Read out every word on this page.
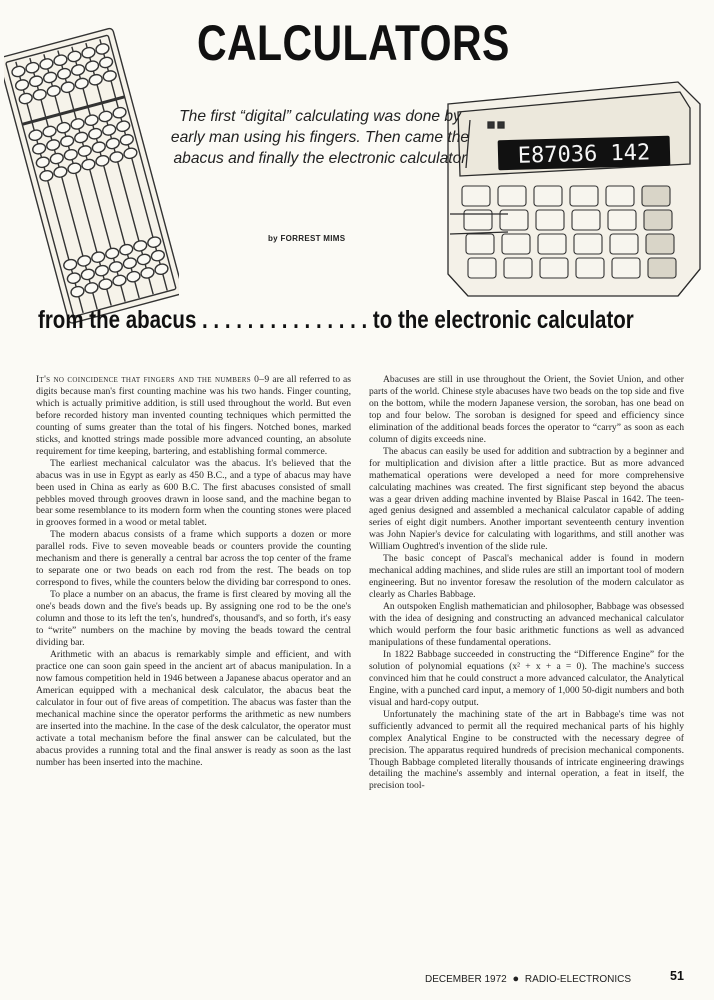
E87036 142
CALCULATORS
The first “digital” calculating was done by early man using his fingers. Then came the abacus and finally the electronic calculator
by FORREST MIMS
from the abacus . . . . . . . . . . . . . . . to the electronic calculator

It's no coincidence that fingers and the numbers 0–9 are all referred to as digits because man's first counting machine was his two hands. Finger counting, which is actually primitive addition, is still used throughout the world. But even before recorded history man invented counting techniques which permitted the counting of sums greater than the total of his fingers. Notched bones, marked sticks, and knotted strings made possible more advanced counting, an absolute requirement for time keeping, bartering, and establishing formal commerce.

The earliest mechanical calculator was the abacus. It's believed that the abacus was in use in Egypt as early as 450 B.C., and a type of abacus may have been used in China as early as 600 B.C. The first abacuses consisted of small pebbles moved through grooves drawn in loose sand, and the machine began to bear some resemblance to its modern form when the counting stones were placed in grooves formed in a wood or metal tablet.

The modern abacus consists of a frame which supports a dozen or more parallel rods. Five to seven moveable beads or counters provide the counting mechanism and there is generally a central bar across the top center of the frame to separate one or two beads on each rod from the rest. The beads on top correspond to fives, while the counters below the dividing bar correspond to ones.

To place a number on an abacus, the frame is first cleared by moving all the one's beads down and the five's beads up. By assigning one rod to be the one's column and those to its left the ten's, hundred's, thousand's, and so forth, it's easy to “write” numbers on the machine by moving the beads toward the central dividing bar.

Arithmetic with an abacus is remarkably simple and efficient, and with practice one can soon gain speed in the ancient art of abacus manipulation. In a now famous competition held in 1946 between a Japanese abacus operator and an American equipped with a mechanical desk calculator, the abacus beat the calculator in four out of five areas of competition. The abacus was faster than the mechanical machine since the operator performs the arithmetic as new numbers are inserted into the machine. In the case of the desk calculator, the operator must activate a total mechanism before the final answer can be calculated, but the abacus provides a running total and the final answer is ready as soon as the last number has been inserted into the machine.

Abacuses are still in use throughout the Orient, the Soviet Union, and other parts of the world. Chinese style abacuses have two beads on the top side and five on the bottom, while the modern Japanese version, the soroban, has one bead on top and four below. The soroban is designed for speed and efficiency since elimination of the additional beads forces the operator to “carry” as soon as each column of digits exceeds nine.

The abacus can easily be used for addition and subtraction by a beginner and for multiplication and division after a little practice. But as more advanced mathematical operations were developed a need for more comprehensive calculating machines was created. The first significant step beyond the abacus was a gear driven adding machine invented by Blaise Pascal in 1642. The teen-aged genius designed and assembled a mechanical calculator capable of adding series of eight digit numbers. Another important seventeenth century invention was John Napier's device for calculating with logarithms, and still another was William Oughtred's invention of the slide rule.

The basic concept of Pascal's mechanical adder is found in modern mechanical adding machines, and slide rules are still an important tool of modern engineering. But no inventor foresaw the resolution of the modern calculator as clearly as Charles Babbage.

An outspoken English mathematician and philosopher, Babbage was obsessed with the idea of designing and constructing an advanced mechanical calculator which would perform the four basic arithmetic functions as well as advanced manipulations of these fundamental operations.

In 1822 Babbage succeeded in constructing the “Difference Engine” for the solution of polynomial equations (x² + x + a = 0). The machine's success convinced him that he could construct a more advanced calculator, the Analytical Engine, with a punched card input, a memory of 1,000 50-digit numbers and both visual and hard-copy output.

Unfortunately the machining state of the art in Babbage's time was not sufficiently advanced to permit all the required mechanical parts of his highly complex Analytical Engine to be constructed with the necessary degree of precision. The apparatus required hundreds of precision mechanical components. Though Babbage completed literally thousands of intricate engineering drawings detailing the machine's assembly and internal operation, a feat in itself, the precision tool-

DECEMBER 1972 ● RADIO-ELECTRONICS	51
